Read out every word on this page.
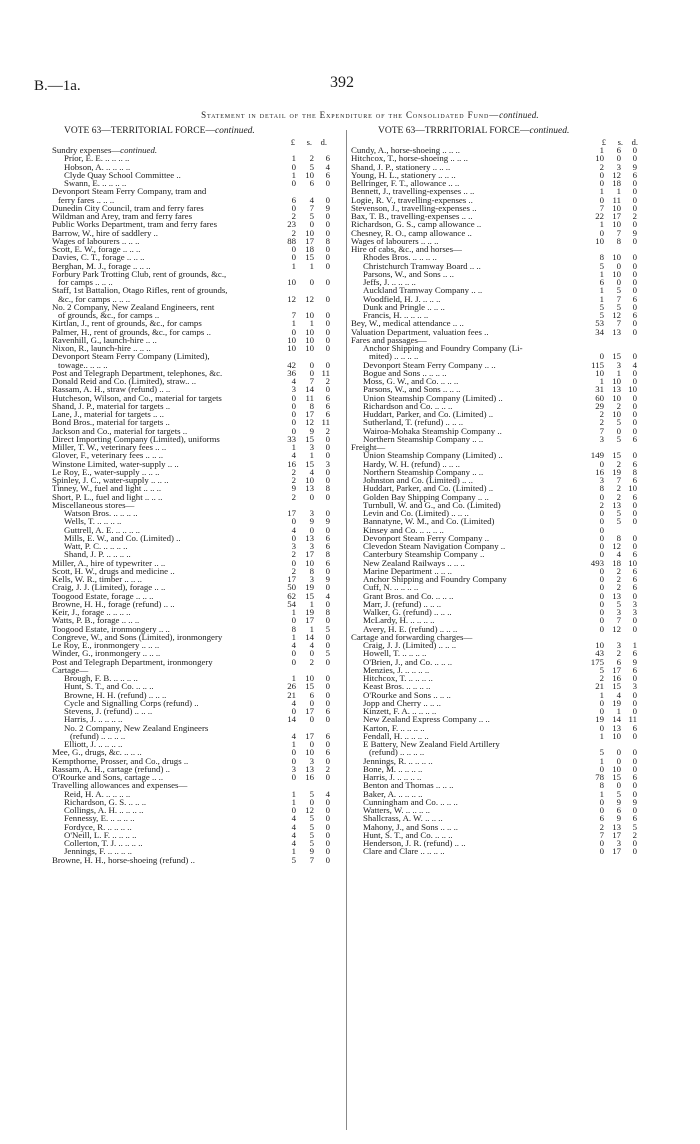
B.—1a.	392
Statement in detail of the Expenditure of the Consolidated Fund—continued.
VOTE 63—TERRITORIAL FORCE—continued.	VOTE 63—TRRRITORIAL FORCE—continued.
£	s.	d.	£	s.	d.
Sundry expenses—continued.
Prior, E. E. .. .. .. ..	1	2	6
Hobson, A. .. .. .. ..	0	5	4
Clyde Quay School Committee ..	1	10	6
Swann, E. .. .. .. ..	0	6	0
Devonport Steam Ferry Company, tram and
ferry fares .. .. ..	6	4	0
Dunedin City Council, tram and ferry fares	0	7	9
Wildman and Arey, tram and ferry fares	2	5	0
Public Works Department, tram and ferry fares	23	0	0
Barrow, W., hire of saddlery ..	2	10	0
Wages of labourers .. .. ..	88	17	8
Scott, E. W., forage .. .. ..	0	18	0
Davies, C. T., forage .. .. ..	0	15	0
Berghan, M. J., forage .. .. ..	1	1	0
Forbury Park Trotting Club, rent of grounds, &c.,
for camps .. .. ..	10	0	0
Staff, 1st Battalion, Otago Rifles, rent of grounds,
&c., for camps .. .. ..	12	12	0
No. 2 Company, New Zealand Engineers, rent
of grounds, &c., for camps ..	7	10	0
Kirtlan, J., rent of grounds, &c., for camps	1	1	0
Palmer, H., rent of grounds, &c., for camps ..	0	10	0
Ravenhill, G., launch-hire .. ..	10	10	0
Nixon, R., launch-hire .. .. ..	10	10	0
Devonport Steam Ferry Company (Limited),
towage.. .. .. ..	42	0	0
Post and Telegraph Department, telephones, &c.	36	0 11
Donald Reid and Co. (Limited), straw.. ..	4	7	2
Rassam, A. H., straw (refund) .. ..	3	14	0
Hutcheson, Wilson, and Co., material for targets	0	11	6
Shand, J. P., material for targets ..	0	8	6
Lane, J., material for targets .. ..	0	17	6
Bond Bros., material for targets ..	0	12 11
Jackson and Co., material for targets ..	0	9	2
Direct Importing Company (Limited), uniforms	33	15	0
Miller, T. W., veterinary fees .. ..	1	3	0
Glover, F., veterinary fees .. .. ..	4	1	0
Winstone Limited, water-supply .. ..	16	15	3
Le Roy, E., water-supply .. .. ..	2	4	0
Spinley, J. C., water-supply .. .. ..	2	10	0
Tinney, W., fuel and light .. .. ..	9	13	8
Short, P. L., fuel and light .. .. ..	2	0	0
Miscellaneous stores—
Watson Bros. .. .. .. ..	17	3	0
Wells, T. .. .. .. ..	0	9	9
Guttrell, A. E. .. .. .. ..	4	0	0
Mills, E. W., and Co. (Limited) ..	0	13	6
Watt, P. C. .. .. .. ..	3	3	6
Shand, J. P. .. .. .. ..	2	17	8
Miller, A., hire of typewriter .. ..	0	10	6
Scott, H. W., drugs and medicine ..	2	8	0
Kells, W. R., timber .. .. ..	17	3	9
Craig, J. J. (Limited), forage .. ..	50	19	0
Toogood Estate, forage .. .. ..	62	15	4
Browne, H. H., forage (refund) .. ..	54	1	0
Keir, J., forage .. .. .. ..	1	19	8
Watts, P. B., forage .. .. ..	0	17	0
Toogood Estate, ironmongery .. ..	8	1	5
Congreve, W., and Sons (Limited), ironmongery	1	14	0
Le Roy, E., ironmongery .. .. ..	4	4	0
Winder, G., ironmongery .. .. ..	0	0	5
Post and Telegraph Department, ironmongery	0	2	0
Cartage—
Brough, F. B. .. .. .. ..	1	10	0
Hunt, S. T., and Co. .. .. ..	26	15	0
Browne, H. H. (refund) .. .. ..	21	6	0
Cycle and Signalling Corps (refund) ..	4	0	0
Stevens, J. (refund) .. .. ..	0	17	6
Harris, J. .. .. .. ..	14	0	0
No. 2 Company, New Zealand Engineers
(refund) .. .. .. ..	4	17	6
Elliott, J. .. .. .. ..	1	0	0
Mee, G., drugs, &c. .. .. ..	0	10	6
Kempthorne, Prosser, and Co., drugs ..	0	3	0
Rassam, A. H., cartage (refund) ..	3	13	2
O'Rourke and Sons, cartage .. ..	0	16	0
Travelling allowances and expenses—
Reid, H. A. .. .. .. ..	1	5	4
Richardson, G. S. .. .. ..	1	0	0
Collings, A. H. .. .. .. ..	0	12	0
Fennessy, E. .. .. .. ..	4	5	0
Fordyce, R. .. .. .. ..	4	5	0
O'Neill, L. F. .. .. .. ..	4	5	0
Collerton, T. J. .. .. .. ..	4	5	0
Jennings, F. .. .. .. ..	1	9	0
Browne, H. H., horse-shoeing (refund) ..	5	7	0
Cundy, A., horse-shoeing .. .. ..	1	6	0
Hitchcox, T., horse-shoeing .. .. ..	10	0	0
Shand, J. P., stationery .. .. ..	2	3	9
Young, H. L., stationery .. .. ..	0 12	6
Bellringer, F. T., allowance .. ..	0 18	0
Bennett, J., travelling-expenses .. ..	1	1	0
Logie, R. V., travelling-expenses ..	0 11	0
Stevenson, J., travelling-expenses ..	7 10	0
Bax, T. B., travelling-expenses .. ..	22 17	2
Richardson, G. S., camp allowance ..	1 10	0
Chesney, R. O., camp allowance ..	0	7	9
Wages of labourers .. .. ..	10	8	0
Hire of cabs, &c., and horses—
Rhodes Bros. .. .. .. ..	8 10	0
Christchurch Tramway Board .. ..	5	0	0
Parsons, W., and Sons .. ..	1 10	0
Jeffs, J. .. .. .. ..	6	0	0
Auckland Tramway Company .. ..	1	5	0
Woodfield, H. J. .. .. ..	1	7	6
Dunk and Pringle .. .. ..	5	5	0
Francis, H. .. .. .. ..	5 12	6
Bey, W., medical attendance .. ..	53	7	0
Valuation Department, valuation fees ..	34 13	0
Fares and passages—
Anchor Shipping and Foundry Company (Li-
mited) .. .. .. ..	0 15	0
Devonport Steam Ferry Company .. ..	115	3	4
Bogue and Sons .. .. .. ..	10	1	0
Moss, G. W., and Co. .. .. ..	1 10	0
Parsons, W., and Sons .. .. ..	31 13 10
Union Steamship Company (Limited) ..	60 10	0
Richardson and Co. .. .. ..	29	2	0
Huddart, Parker, and Co. (Limited) ..	2 10	0
Sutherland, T. (refund) .. .. ..	2	5	0
Wairoa-Mohaka Steamship Company ..	7	0	0
Northern Steamship Company .. ..	3	5	6
Freight—
Union Steamship Company (Limited) ..	149 15	0
Hardy, W. H. (refund) .. .. ..	0	2	6
Northern Steamship Company .. ..	16 19	8
Johnston and Co. (Limited) .. ..	3	7	6
Huddart, Parker, and Co. (Limited) ..	8	2 10
Golden Bay Shipping Company .. ..	0	2	6
Turnbull, W. and G., and Co. (Limited)	2 13	0
Levin and Co. (Limited) .. .. ..	0	5	0
Bannatyne, W. M., and Co. (Limited)	0	5	0
Kinsey and Co. .. .. .. ..	0
Devonport Steam Ferry Company ..	0	8	0
Clevedon Steam Navigation Company ..	0 12	0
Canterbury Steamship Company ..	0	4	6
New Zealand Railways .. .. ..	493 18 10
Marine Department .. .. ..	0	2	6
Anchor Shipping and Foundry Company	0	2	6
Cuff, N. .. .. .. ..	0	2	6
Grant Bros. and Co. .. .. ..	0 13	0
Marr, J. (refund) .. .. ..	0	5	3
Walker, G. (refund) .. .. ..	0	3	3
McLardy, H. .. .. .. ..	0	7	0
Avery, H. E. (refund) .. .. ..	0 12	0
Cartage and forwarding charges—
Craig, J. J. (Limited) .. .. ..	10	3	1
Howell, T. .. .. .. ..	43	2	6
O'Brien, J., and Co. .. .. ..	175	6	9
Menzies, J. .. .. .. ..	5 17	6
Hitchcox, T. .. .. .. ..	2 16	0
Keast Bros. .. .. .. ..	21 15	3
O'Rourke and Sons .. .. ..	1	4	0
Jopp and Cherry .. .. ..	0 19	0
Kinzett, F. A. .. .. .. ..	0	1	0
New Zealand Express Company .. ..	19 14 11
Karton, F. .. .. .. ..	0 13	6
Fendall, H. .. .. .. ..	1 10	0
E Battery, New Zealand Field Artillery
(refund) .. .. .. ..	5	0	0
Jennings, R. .. .. .. ..	1	0	0
Bone, M. .. .. .. ..	0 10	0
Harris, J. .. .. .. ..	78 15	6
Benton and Thomas .. .. ..	8	0	0
Baker, A. .. .. .. ..	1	5	0
Cunningham and Co. .. .. ..	0	9	9
Watters, W. .. .. .. ..	0	6	0
Shallcrass, A. W. .. .. ..	6	9	6
Mahony, J., and Sons .. .. ..	2 13	5
Hunt, S. T., and Co. .. .. ..	7 17	2
Henderson, J. R. (refund) .. ..	0	3	0
Clare and Clare .. .. .. ..	0 17	0
